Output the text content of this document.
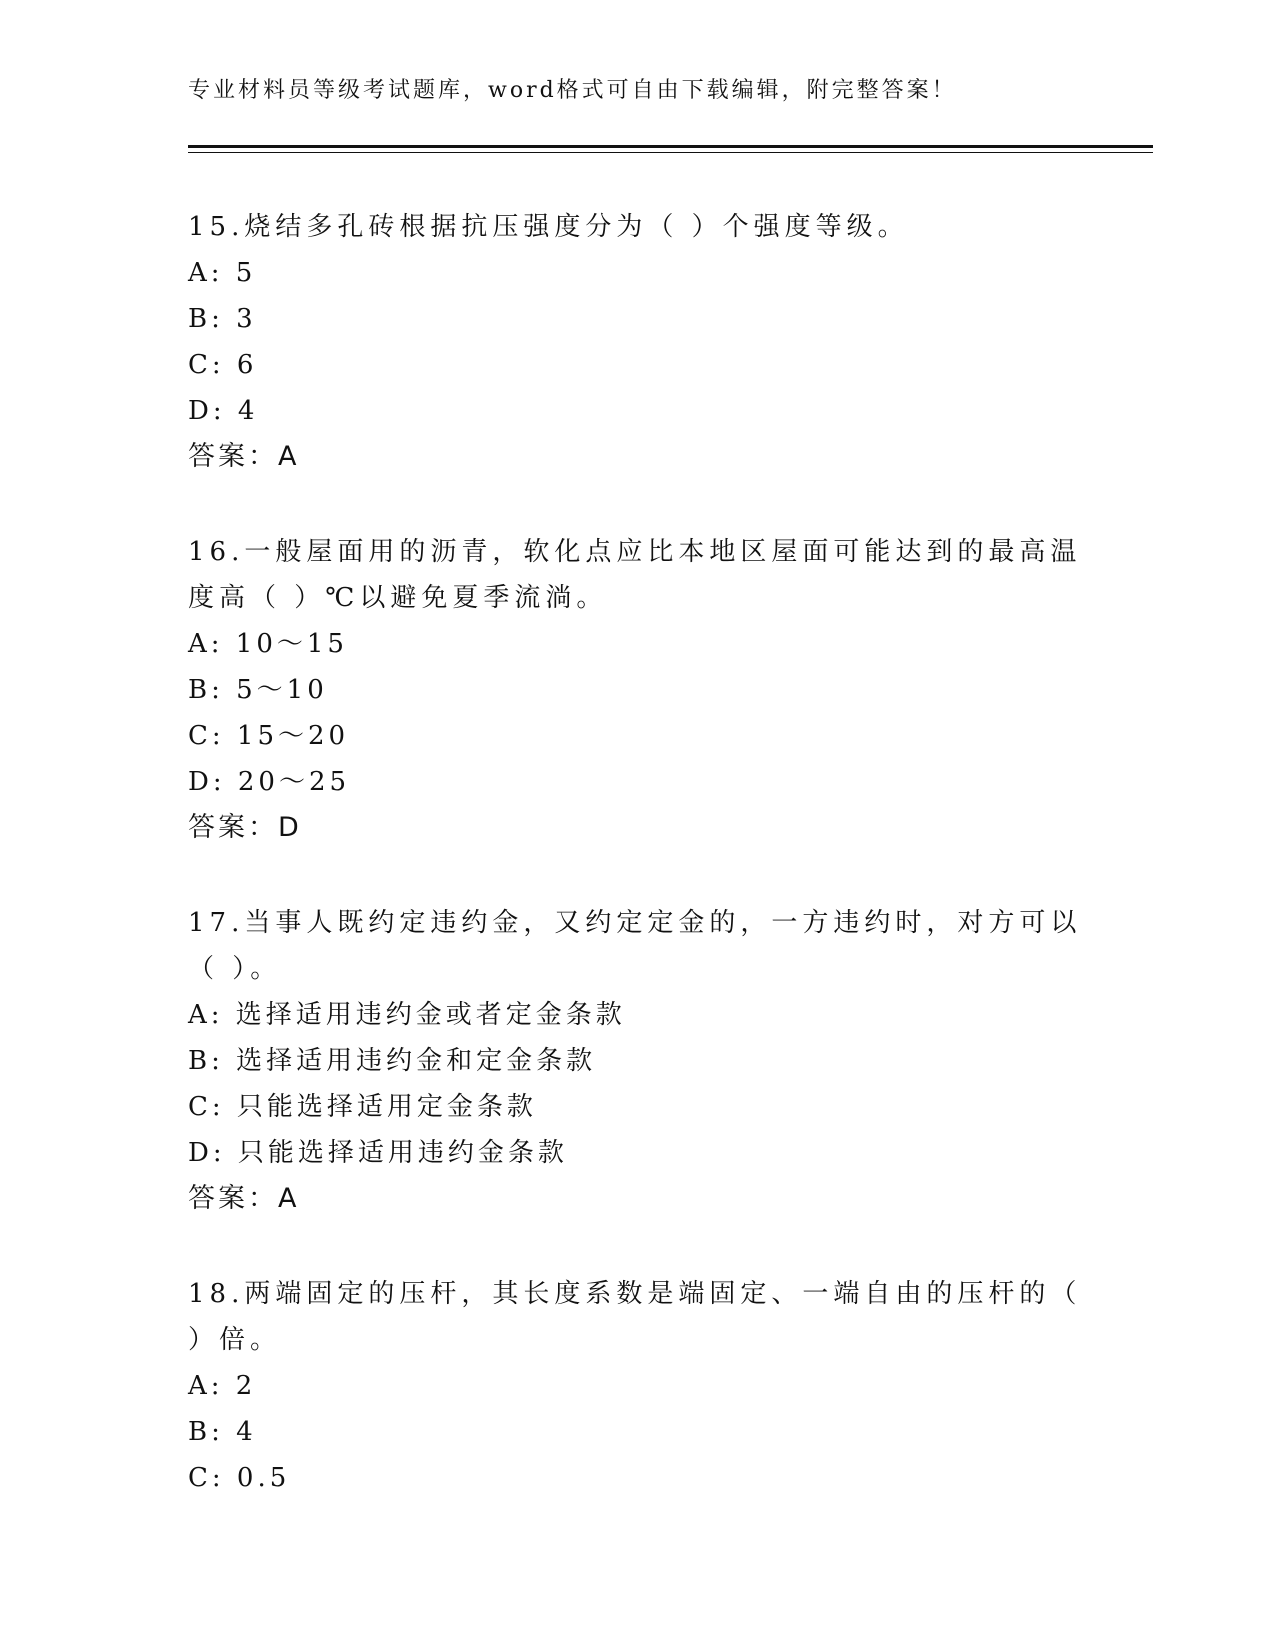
专业材料员等级考试题库，word格式可自由下载编辑，附完整答案！

15.烧结多孔砖根据抗压强度分为（ ）个强度等级。

A: 5

B: 3

C: 6

D: 4

答案：A

16.一般屋面用的沥青，软化点应比本地区屋面可能达到的最高温度高（ ）℃以避免夏季流淌。

A: 10～15

B: 5～10

C: 15～20

D: 20～25

答案：D

17.当事人既约定违约金，又约定定金的，一方违约时，对方可以（ ）。

A: 选择适用违约金或者定金条款

B: 选择适用违约金和定金条款

C: 只能选择适用定金条款

D: 只能选择适用违约金条款

答案：A

18.两端固定的压杆，其长度系数是端固定、一端自由的压杆的（ ）倍。

A: 2

B: 4

C: 0.5
